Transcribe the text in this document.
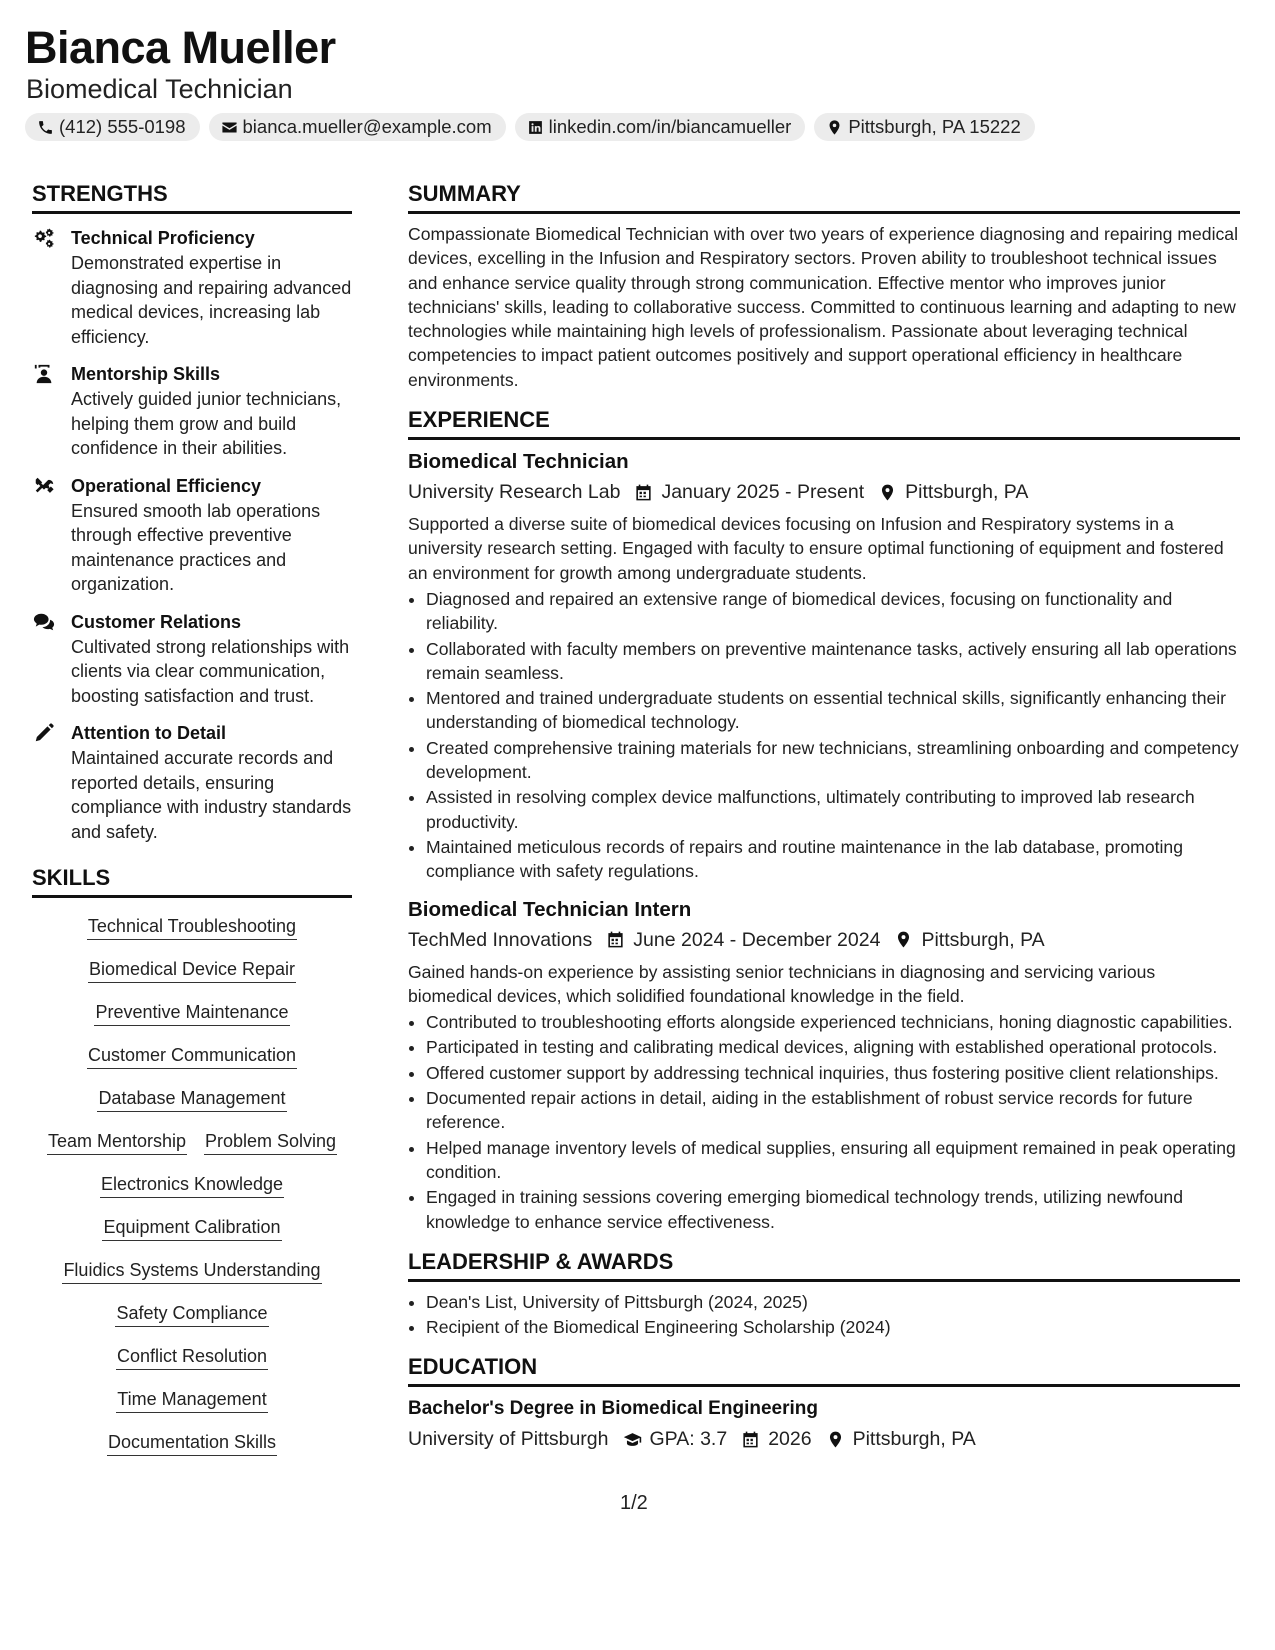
Bianca Mueller
Biomedical Technician
(412) 555-0198	bianca.mueller@example.com	linkedin.com/in/biancamueller	Pittsburgh, PA 15222
STRENGTHS
Technical Proficiency
Demonstrated expertise in diagnosing and repairing advanced medical devices, increasing lab efficiency.
Mentorship Skills
Actively guided junior technicians, helping them grow and build confidence in their abilities.
Operational Efficiency
Ensured smooth lab operations through effective preventive maintenance practices and organization.
Customer Relations
Cultivated strong relationships with clients via clear communication, boosting satisfaction and trust.
Attention to Detail
Maintained accurate records and reported details, ensuring compliance with industry standards and safety.
SKILLS
Technical Troubleshooting
Biomedical Device Repair
Preventive Maintenance
Customer Communication
Database Management
Team Mentorship Problem Solving
Electronics Knowledge
Equipment Calibration
Fluidics Systems Understanding
Safety Compliance
Conflict Resolution
Time Management
Documentation Skills
SUMMARY
Compassionate Biomedical Technician with over two years of experience diagnosing and repairing medical devices, excelling in the Infusion and Respiratory sectors. Proven ability to troubleshoot technical issues and enhance service quality through strong communication. Effective mentor who improves junior technicians' skills, leading to collaborative success. Committed to continuous learning and adapting to new technologies while maintaining high levels of professionalism. Passionate about leveraging technical competencies to impact patient outcomes positively and support operational efficiency in healthcare environments.
EXPERIENCE
Biomedical Technician
University Research Lab January 2025 - Present Pittsburgh, PA
Supported a diverse suite of biomedical devices focusing on Infusion and Respiratory systems in a university research setting. Engaged with faculty to ensure optimal functioning of equipment and fostered an environment for growth among undergraduate students.
• Diagnosed and repaired an extensive range of biomedical devices, focusing on functionality and reliability.
• Collaborated with faculty members on preventive maintenance tasks, actively ensuring all lab operations remain seamless.
• Mentored and trained undergraduate students on essential technical skills, significantly enhancing their understanding of biomedical technology.
• Created comprehensive training materials for new technicians, streamlining onboarding and competency development.
• Assisted in resolving complex device malfunctions, ultimately contributing to improved lab research productivity.
• Maintained meticulous records of repairs and routine maintenance in the lab database, promoting compliance with safety regulations.
Biomedical Technician Intern
TechMed Innovations June 2024 - December 2024 Pittsburgh, PA
Gained hands-on experience by assisting senior technicians in diagnosing and servicing various biomedical devices, which solidified foundational knowledge in the field.
• Contributed to troubleshooting efforts alongside experienced technicians, honing diagnostic capabilities.
• Participated in testing and calibrating medical devices, aligning with established operational protocols.
• Offered customer support by addressing technical inquiries, thus fostering positive client relationships.
• Documented repair actions in detail, aiding in the establishment of robust service records for future reference.
• Helped manage inventory levels of medical supplies, ensuring all equipment remained in peak operating condition.
• Engaged in training sessions covering emerging biomedical technology trends, utilizing newfound knowledge to enhance service effectiveness.
LEADERSHIP & AWARDS
• Dean's List, University of Pittsburgh (2024, 2025)
• Recipient of the Biomedical Engineering Scholarship (2024)
EDUCATION
Bachelor's Degree in Biomedical Engineering
University of Pittsburgh GPA: 3.7 2026 Pittsburgh, PA
1/2
